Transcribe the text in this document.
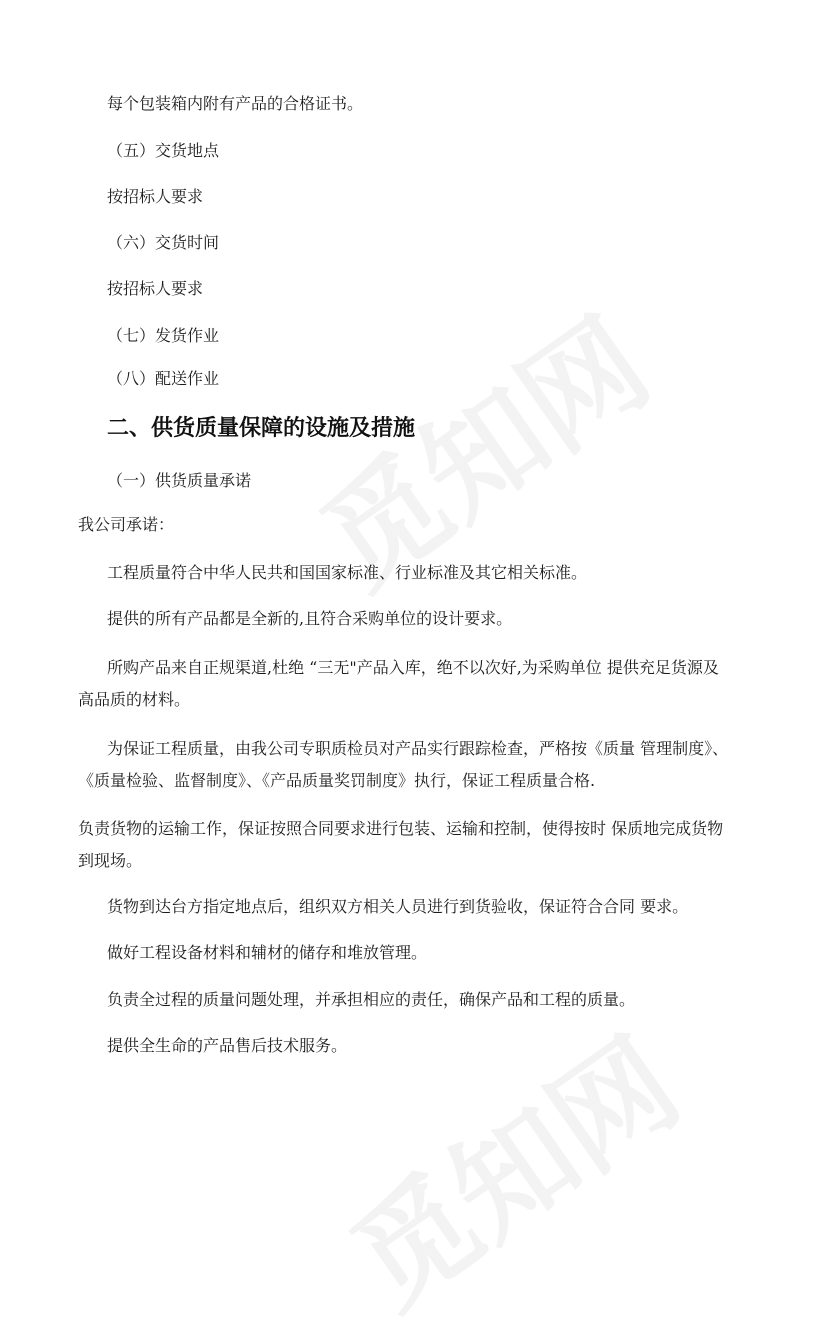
每个包装箱内附有产品的合格证书。
（五）交货地点
按招标人要求
（六）交货时间
按招标人要求
（七）发货作业
（八）配送作业
二、供货质量保障的设施及措施
（一）供货质量承诺
我公司承诺：
工程质量符合中华人民共和国国家标准、行业标准及其它相关标准。
提供的所有产品都是全新的,且符合采购单位的设计要求。
所购产品来自正规渠道,杜绝 “三无"产品入库，绝不以次好,为采购单位 提供充足货源及
高品质的材料。
为保证工程质量，由我公司专职质检员对产品实行跟踪检查，严格按《质量 管理制度》、
《质量检验、监督制度》、《产品质量奖罚制度》执行，保证工程质量合格.
负责货物的运输工作，保证按照合同要求进行包装、运输和控制，使得按时 保质地完成货物
到现场。
货物到达台方指定地点后，组织双方相关人员进行到货验收，保证符合合同 要求。
做好工程设备材料和辅材的储存和堆放管理。
负责全过程的质量问题处理，并承担相应的责任，确保产品和工程的质量。
提供全生命的产品售后技术服务。
